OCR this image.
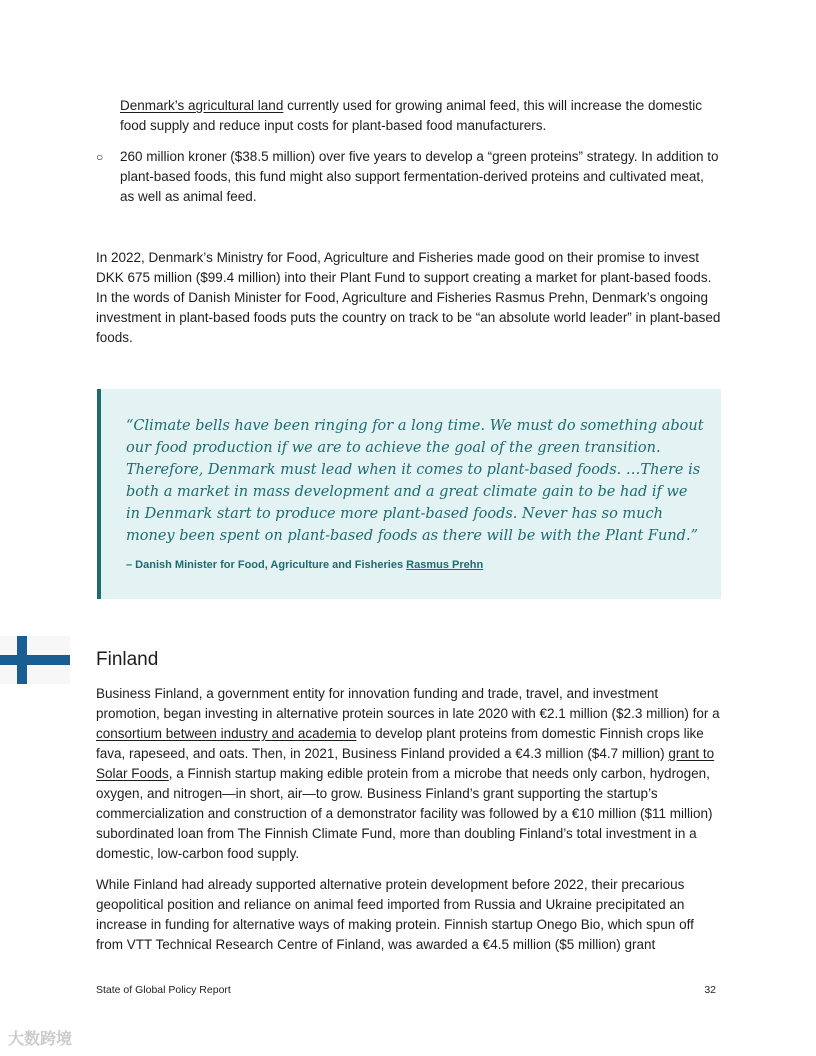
Denmark’s agricultural land currently used for growing animal feed, this will increase the domestic food supply and reduce input costs for plant-based food manufacturers.

○ 260 million kroner ($38.5 million) over five years to develop a “green proteins” strategy. In addition to plant-based foods, this fund might also support fermentation-derived proteins and cultivated meat, as well as animal feed.

In 2022, Denmark’s Ministry for Food, Agriculture and Fisheries made good on their promise to invest DKK 675 million ($99.4 million) into their Plant Fund to support creating a market for plant-based foods. In the words of Danish Minister for Food, Agriculture and Fisheries Rasmus Prehn, Denmark’s ongoing investment in plant-based foods puts the country on track to be “an absolute world leader” in plant-based foods.

“Climate bells have been ringing for a long time. We must do something about our food production if we are to achieve the goal of the green transition. Therefore, Denmark must lead when it comes to plant-based foods. …There is both a market in mass development and a great climate gain to be had if we in Denmark start to produce more plant-based foods. Never has so much money been spent on plant-based foods as there will be with the Plant Fund.”

– Danish Minister for Food, Agriculture and Fisheries Rasmus Prehn

Finland

Business Finland, a government entity for innovation funding and trade, travel, and investment promotion, began investing in alternative protein sources in late 2020 with €2.1 million ($2.3 million) for a consortium between industry and academia to develop plant proteins from domestic Finnish crops like fava, rapeseed, and oats. Then, in 2021, Business Finland provided a €4.3 million ($4.7 million) grant to Solar Foods, a Finnish startup making edible protein from a microbe that needs only carbon, hydrogen, oxygen, and nitrogen—in short, air—to grow. Business Finland’s grant supporting the startup’s commercialization and construction of a demonstrator facility was followed by a €10 million ($11 million) subordinated loan from The Finnish Climate Fund, more than doubling Finland’s total investment in a domestic, low-carbon food supply.

While Finland had already supported alternative protein development before 2022, their precarious geopolitical position and reliance on animal feed imported from Russia and Ukraine precipitated an increase in funding for alternative ways of making protein. Finnish startup Onego Bio, which spun off from VTT Technical Research Centre of Finland, was awarded a €4.5 million ($5 million) grant

State of Global Policy Report	32
大数跨境
